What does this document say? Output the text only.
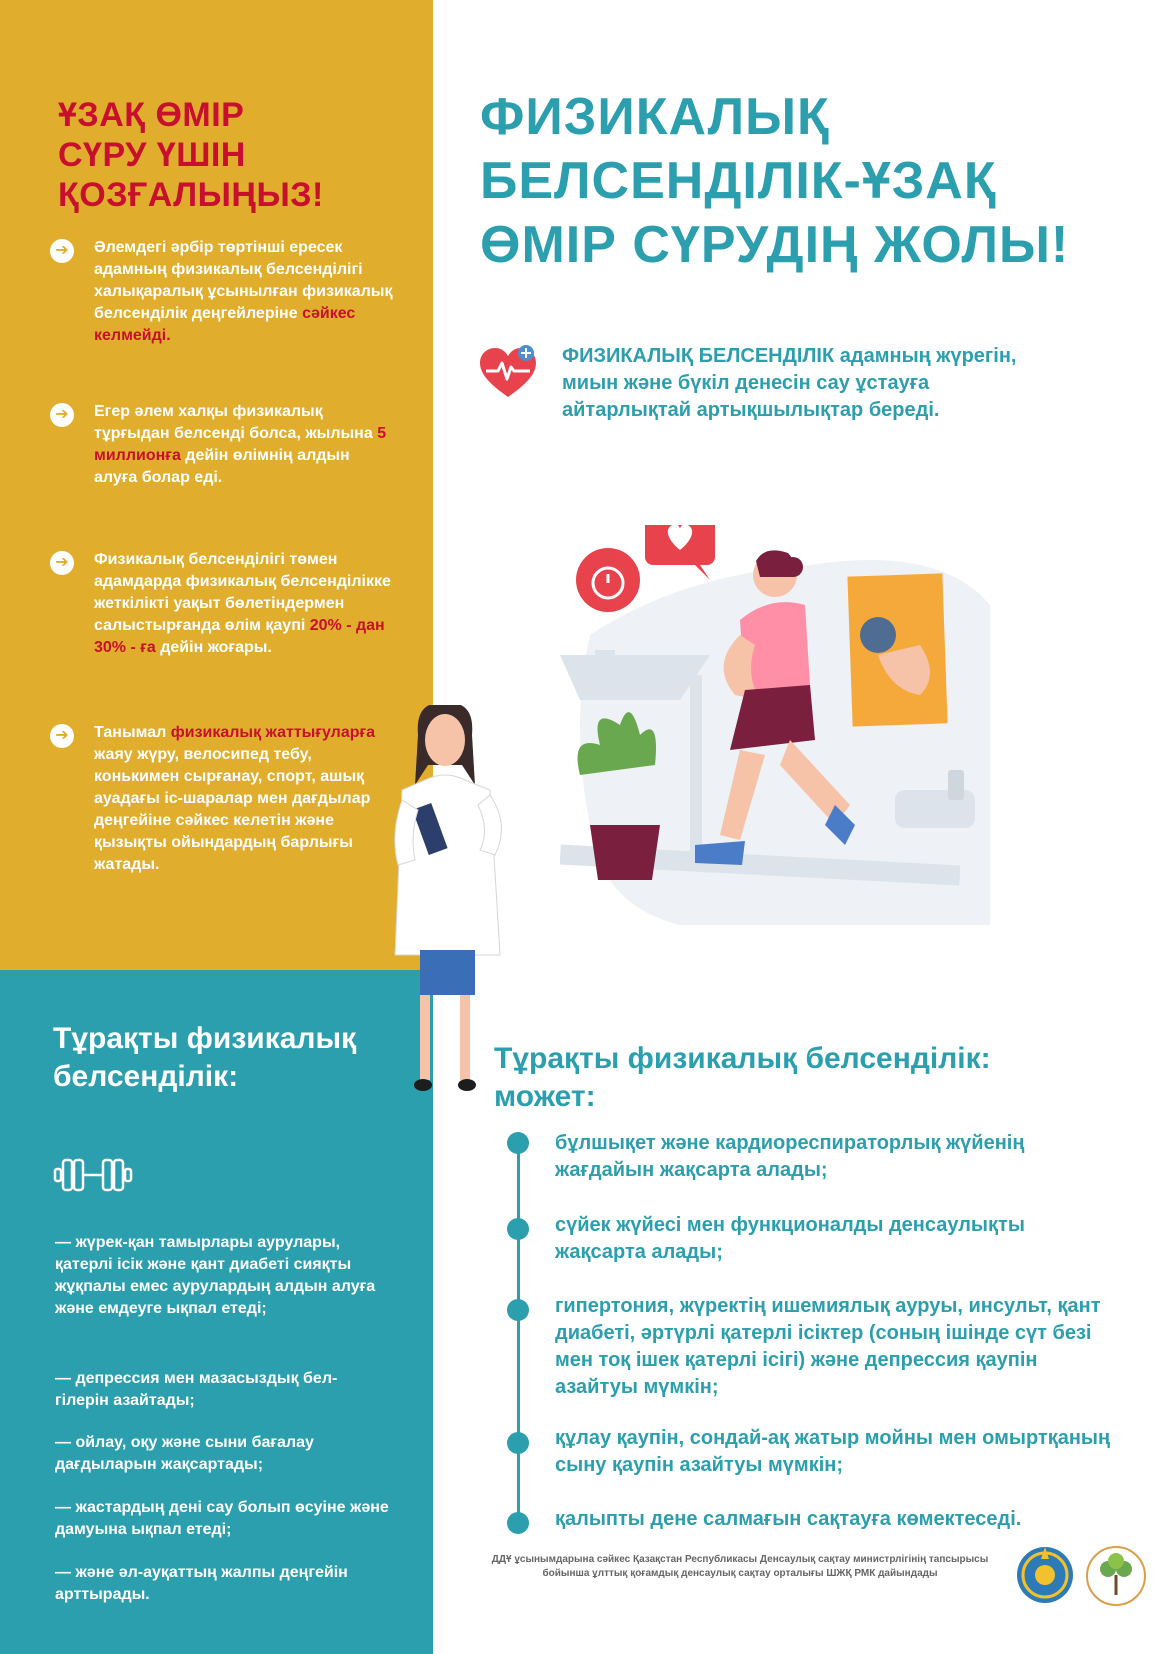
ҰЗАҚ ӨМІР
СҮРУ ҮШІН
ҚОЗҒАЛЫҢЫЗ!
➔	Әлемдегі әрбір төртінші ересек адамның физикалық белсенділігі халықаралық ұсынылған физикалық белсенділік деңгейлеріне сәйкес келмейді.
➔	Егер әлем халқы физикалық тұрғыдан белсенді болса, жылына 5 миллионға дейін өлімнің алдын алуға болар еді.
➔	Физикалық белсенділігі төмен адамдарда физикалық белсенділікке жеткілікті уақыт бөлетіндермен салыстырғанда өлім қаупі 20% - дан 30% - ға дейін жоғары.
➔	Танымал физикалық жаттығуларға жаяу жүру, велосипед тебу, конькимен сырғанау, спорт, ашық ауадағы іс-шаралар мен дағдылар деңгейіне сәйкес келетін және қызықты ойындардың барлығы жатады.
ФИЗИКАЛЫҚ
БЕЛСЕНДІЛІК-ҰЗАҚ
ӨМІР СҮРУДІҢ ЖОЛЫ!
ФИЗИКАЛЫҚ БЕЛСЕНДІЛІК адамның жүрегін, миын және бүкіл денесін сау ұстауға айтарлықтай артықшылықтар береді.
Тұрақты физикалық белсенділік:
— жүрек-қан тамырлары аурулары, қатерлі ісік және қант диабеті сияқты жұқпалы емес аурулардың алдын алуға және емдеуге ықпал етеді;
— депрессия мен мазасыздық бел-гілерін азайтады;
— ойлау, оқу және сыни бағалау дағдыларын жақсартады;
— жастардың дені сау болып өсуіне және дамуына ықпал етеді;
— және әл-ауқаттың жалпы деңгейін арттырады.
Тұрақты физикалық белсенділік: может:
бұлшықет және кардиореспираторлық жүйенің жағдайын жақсарта алады;
сүйек жүйесі мен функционалды денсаулықты жақсарта алады;
гипертония, жүректің ишемиялық ауруы, инсульт, қант диабеті, әртүрлі қатерлі ісіктер (соның ішінде сүт безі мен тоқ ішек қатерлі ісігі) және депрессия қаупін азайтуы мүмкін;
құлау қаупін, сондай-ақ жатыр мойны мен омыртқаның сыну қаупін азайтуы мүмкін;
қалыпты дене салмағын сақтауға көмектеседі.
ДДҰ ұсынымдарына сәйкес Қазақстан Республикасы Денсаулық сақтау министрлігінің тапсырысы бойынша ұлттық қоғамдық денсаулық сақтау орталығы ШЖҚ РМК дайындады
